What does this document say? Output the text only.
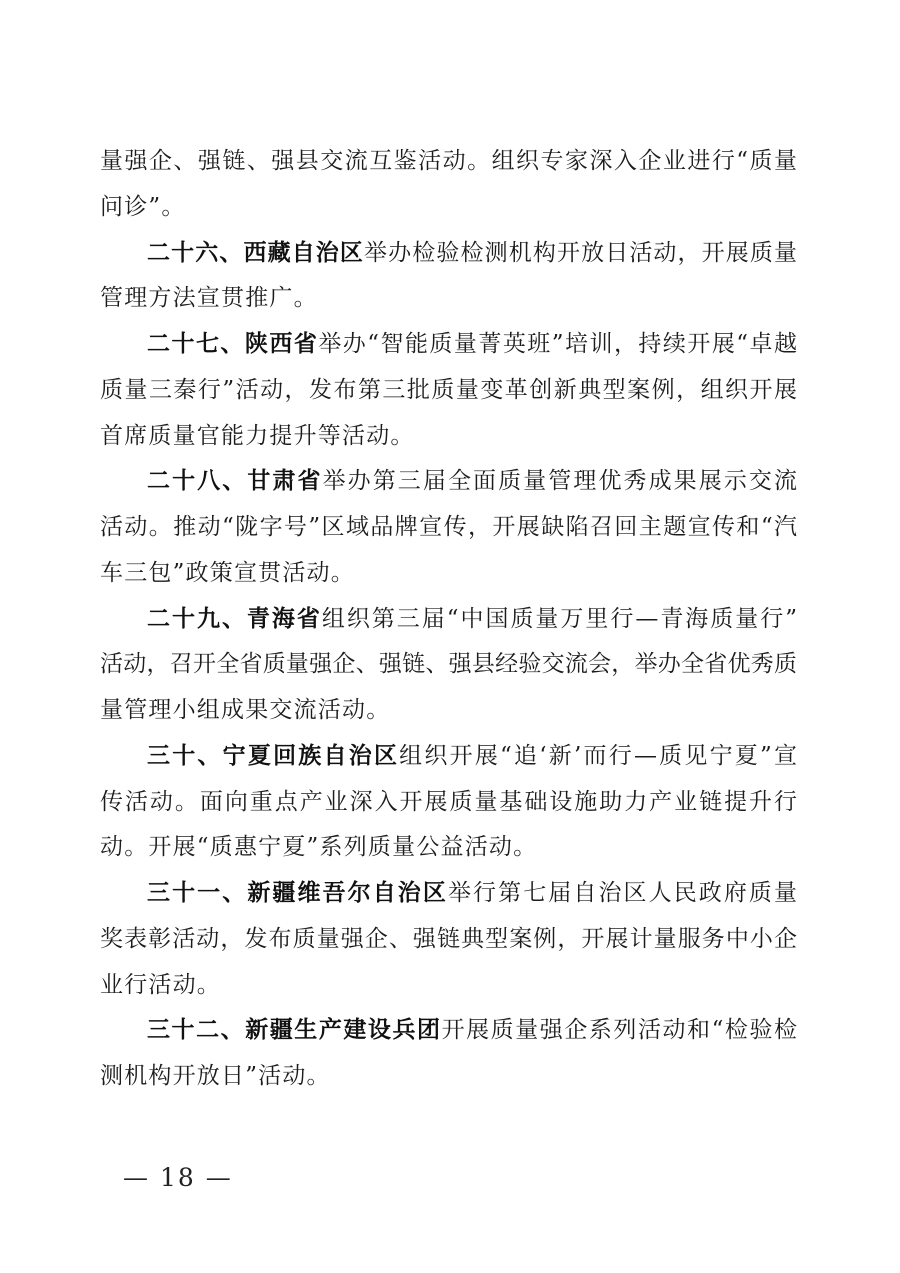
量强企、强链、强县交流互鉴活动。组织专家深入企业进行“质量
问诊”。
二十六、西藏自治区举办检验检测机构开放日活动，开展质量
管理方法宣贯推广。
二十七、陕西省举办“智能质量菁英班”培训，持续开展“卓越
质量三秦行”活动，发布第三批质量变革创新典型案例，组织开展
首席质量官能力提升等活动。
二十八、甘肃省举办第三届全面质量管理优秀成果展示交流
活动。推动“陇字号”区域品牌宣传，开展缺陷召回主题宣传和“汽
车三包”政策宣贯活动。
二十九、青海省组织第三届“中国质量万里行—青海质量行”
活动，召开全省质量强企、强链、强县经验交流会，举办全省优秀质
量管理小组成果交流活动。
三十、宁夏回族自治区组织开展“追‘新’而行—质见宁夏”宣
传活动。面向重点产业深入开展质量基础设施助力产业链提升行
动。开展“质惠宁夏”系列质量公益活动。
三十一、新疆维吾尔自治区举行第七届自治区人民政府质量
奖表彰活动，发布质量强企、强链典型案例，开展计量服务中小企
业行活动。
三十二、新疆生产建设兵团开展质量强企系列活动和“检验检
测机构开放日”活动。
— 18 —
